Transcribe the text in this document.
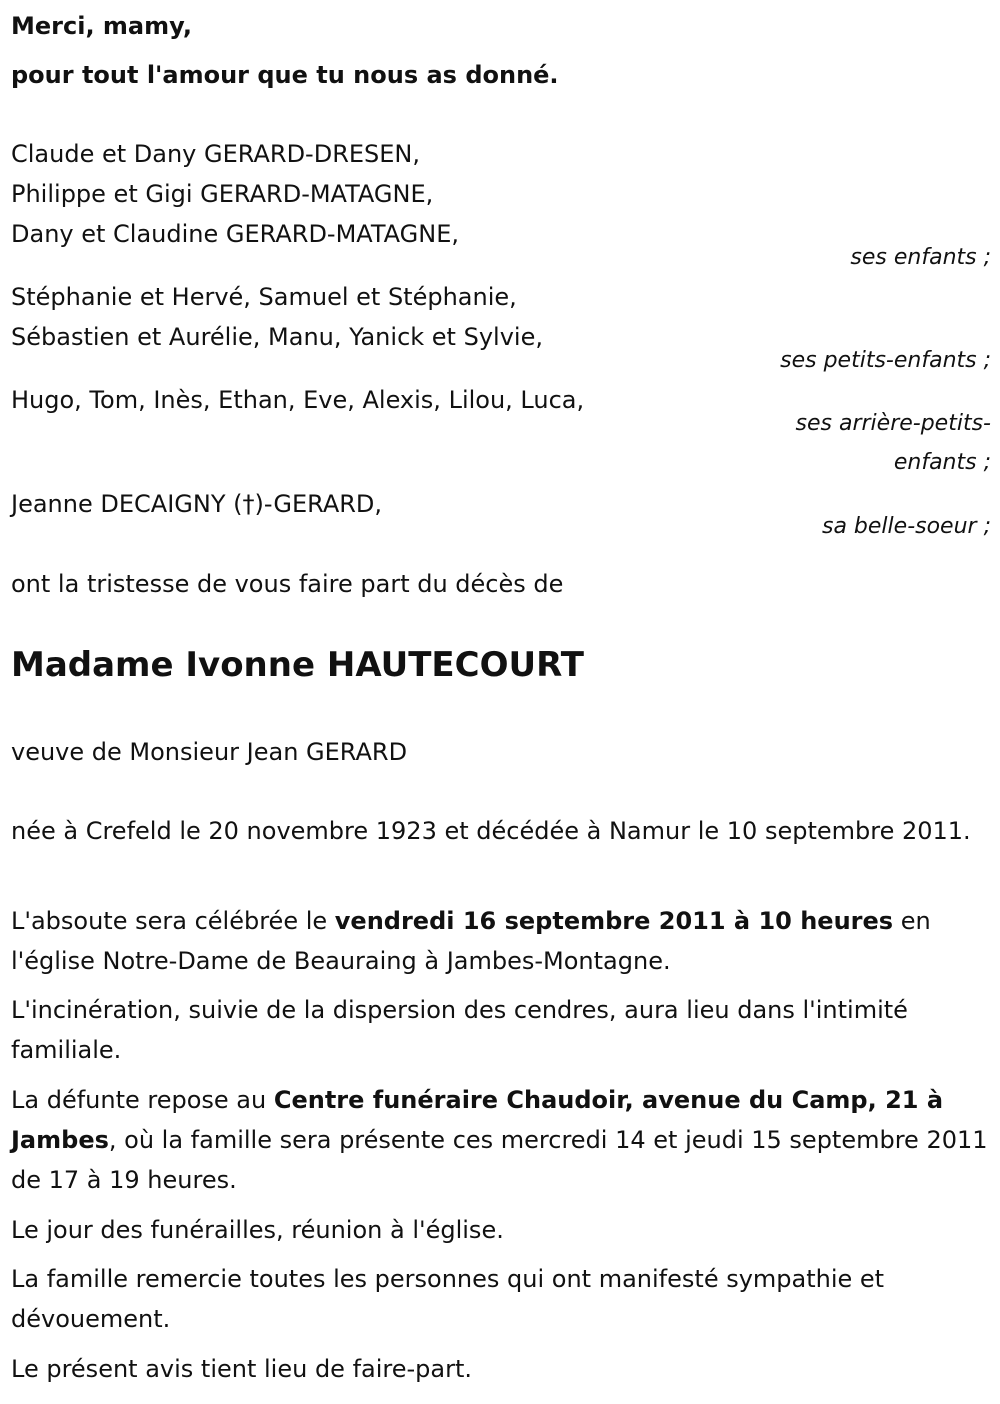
Merci, mamy,
pour tout l'amour que tu nous as donné.
Claude et Dany GERARD-DRESEN,
Philippe et Gigi GERARD-MATAGNE,
Dany et Claudine GERARD-MATAGNE,
ses enfants ;
Stéphanie et Hervé, Samuel et Stéphanie,
Sébastien et Aurélie, Manu, Yanick et Sylvie,
ses petits-enfants ;
Hugo, Tom, Inès, Ethan, Eve, Alexis, Lilou, Luca,
ses arrière-petits-
enfants ;
Jeanne DECAIGNY (†)-GERARD,
sa belle-soeur ;
ont la tristesse de vous faire part du décès de
Madame Ivonne HAUTECOURT
veuve de Monsieur Jean GERARD
née à Crefeld le 20 novembre 1923 et décédée à Namur le 10 septembre 2011.
L'absoute sera célébrée le vendredi 16 septembre 2011 à 10 heures en l'église Notre-Dame de Beauraing à Jambes-Montagne.
L'incinération, suivie de la dispersion des cendres, aura lieu dans l'intimité familiale.
La défunte repose au Centre funéraire Chaudoir, avenue du Camp, 21 à Jambes, où la famille sera présente ces mercredi 14 et jeudi 15 septembre 2011 de 17 à 19 heures.
Le jour des funérailles, réunion à l'église.
La famille remercie toutes les personnes qui ont manifesté sympathie et dévouement.
Le présent avis tient lieu de faire-part.
